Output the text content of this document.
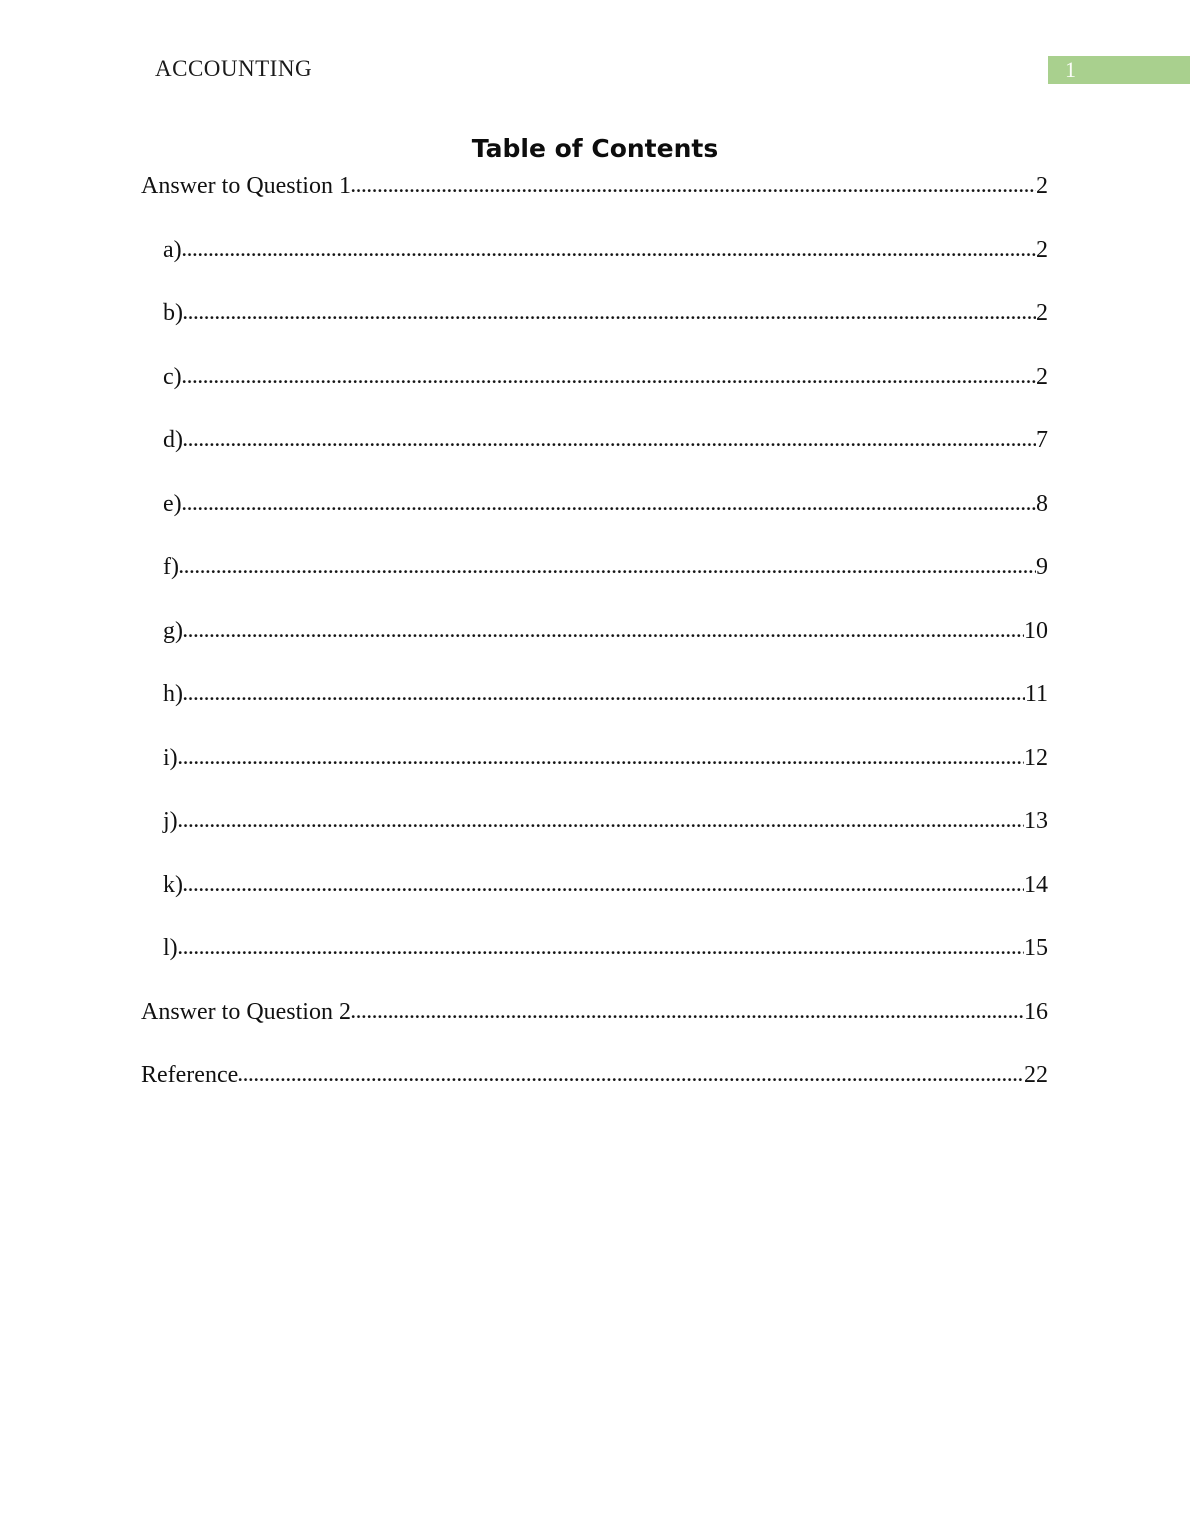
ACCOUNTING	1
Table of Contents
Answer to Question 1	2
a)	2
b)	2
c)	2
d)	7
e)	8
f)	9
g)	10
h)	11
i)	12
j)	13
k)	14
l)	15
Answer to Question 2	16
Reference	22
